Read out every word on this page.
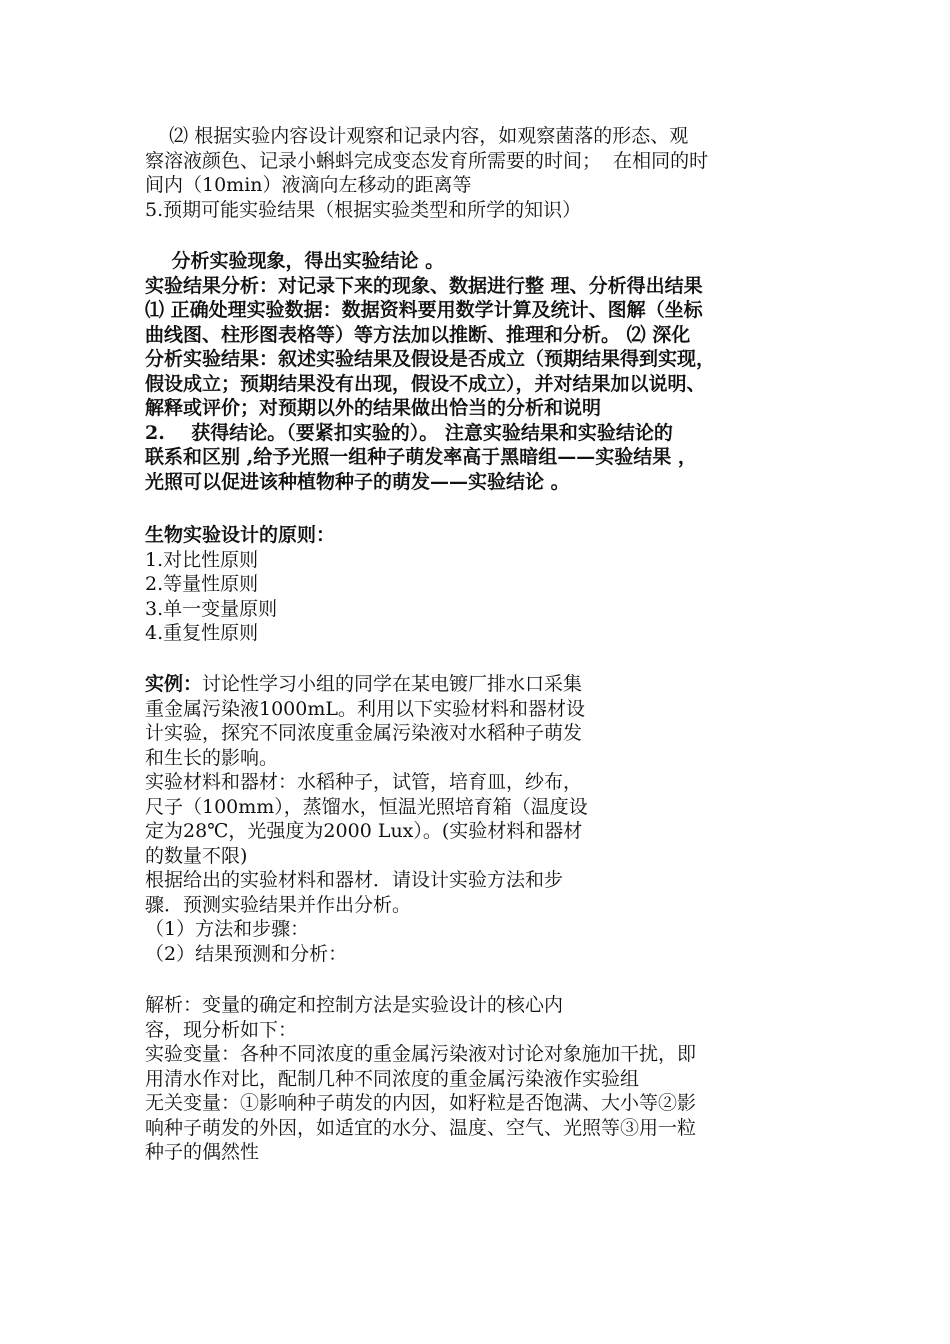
⑵ 根据实验内容设计观察和记录内容，如观察菌落的形态、观
察溶液颜色、记录小蝌蚪完成变态发育所需要的时间；  在相同的时
间内（10min）液滴向左移动的距离等
5.预期可能实验结果（根据实验类型和所学的知识）
分析实验现象，得出实验结论 。
实验结果分析：对记录下来的现象、数据进行整 理、分析得出结果
⑴ 正确处理实验数据：数据资料要用数学计算及统计、图解（坐标
曲线图、柱形图表格等）等方法加以推断、推理和分析。 ⑵ 深化
分析实验结果：叙述实验结果及假设是否成立（预期结果得到实现，
假设成立；预期结果没有出现，假设不成立），并对结果加以说明、
解释或评价；对预期以外的结果做出恰当的分析和说明
2.    获得结论。（要紧扣实验的）。 注意实验结果和实验结论的
联系和区别 ,给予光照一组种子萌发率高于黑暗组——实验结果 ，
光照可以促进该种植物种子的萌发——实验结论 。
生物实验设计的原则：
1.对比性原则
2.等量性原则
3.单一变量原则
4.重复性原则
实例：讨论性学习小组的同学在某电镀厂排水口采集
重金属污染液1000mL。利用以下实验材料和器材设
计实验，探究不同浓度重金属污染液对水稻种子萌发
和生长的影响。
实验材料和器材：水稻种子，试管，培育皿，纱布，
尺子（100mm），蒸馏水，恒温光照培育箱（温度设
定为28℃，光强度为2000 Lux）。(实验材料和器材
的数量不限)
根据给出的实验材料和器材．请设计实验方法和步
骤．预测实验结果并作出分析。
（1）方法和步骤：
（2）结果预测和分析：
解析：变量的确定和控制方法是实验设计的核心内
容，现分析如下：
实验变量：各种不同浓度的重金属污染液对讨论对象施加干扰，即
用清水作对比，配制几种不同浓度的重金属污染液作实验组
无关变量：①影响种子萌发的内因，如籽粒是否饱满、大小等②影
响种子萌发的外因，如适宜的水分、温度、空气、光照等③用一粒
种子的偶然性
